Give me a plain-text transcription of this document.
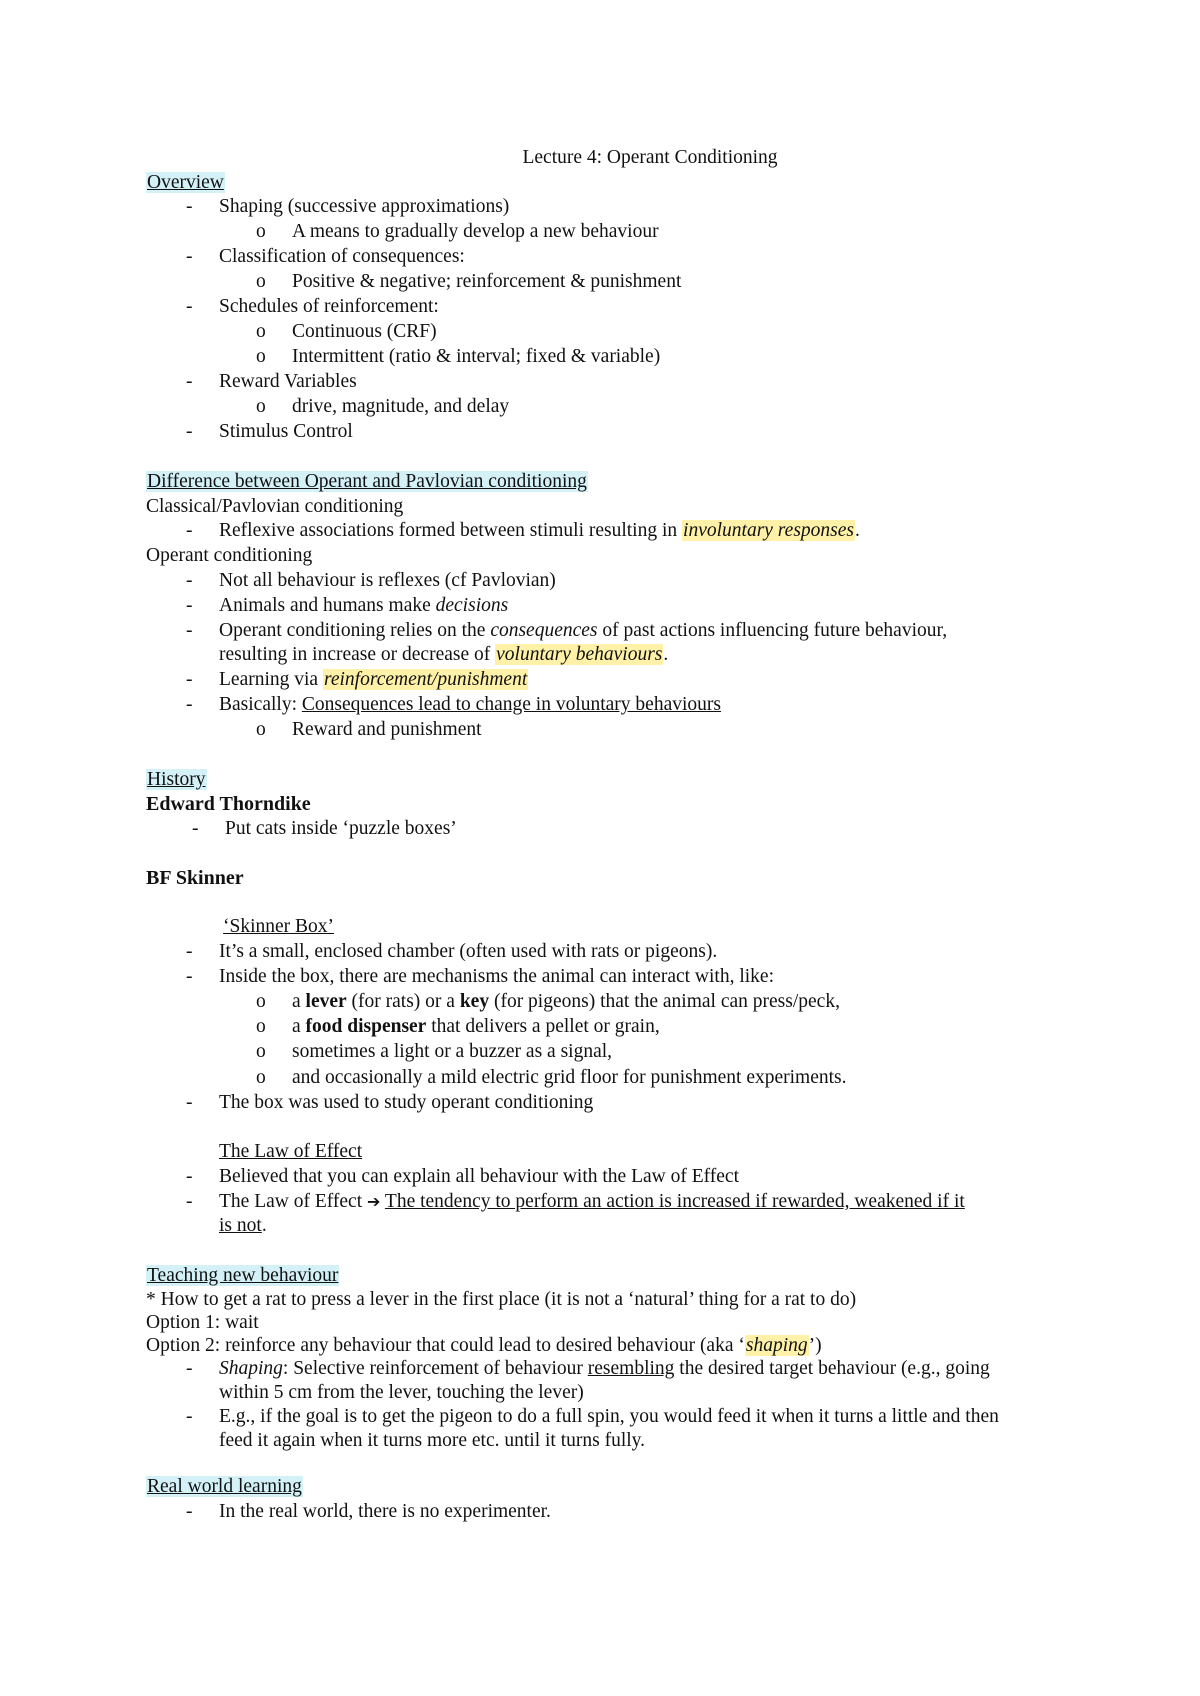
Lecture 4: Operant Conditioning
Overview
-	Shaping (successive approximations)
o A means to gradually develop a new behaviour
-	Classification of consequences:
o Positive & negative; reinforcement & punishment
-	Schedules of reinforcement:
o Continuous (CRF)
o Intermittent (ratio & interval; fixed & variable)
-	Reward Variables
o drive, magnitude, and delay
-	Stimulus Control
Difference between Operant and Pavlovian conditioning
Classical/Pavlovian conditioning
-	Reflexive associations formed between stimuli resulting in involuntary responses.
Operant conditioning
-	Not all behaviour is reflexes (cf Pavlovian)
-	Animals and humans make decisions
-	Operant conditioning relies on the consequences of past actions influencing future behaviour,
resulting in increase or decrease of voluntary behaviours.
-	Learning via reinforcement/punishment
-	Basically: Consequences lead to change in voluntary behaviours
o Reward and punishment
History
Edward Thorndike
-	Put cats inside ‘puzzle boxes’
BF Skinner
‘Skinner Box’
-	It’s a small, enclosed chamber (often used with rats or pigeons).
-	Inside the box, there are mechanisms the animal can interact with, like:
o a lever (for rats) or a key (for pigeons) that the animal can press/peck,
o a food dispenser that delivers a pellet or grain,
o sometimes a light or a buzzer as a signal,
o and occasionally a mild electric grid floor for punishment experiments.
-	The box was used to study operant conditioning
The Law of Effect
-	Believed that you can explain all behaviour with the Law of Effect
-	The Law of Effect ➔ The tendency to perform an action is increased if rewarded, weakened if it
is not.
Teaching new behaviour
* How to get a rat to press a lever in the first place (it is not a ‘natural’ thing for a rat to do)
Option 1: wait
Option 2: reinforce any behaviour that could lead to desired behaviour (aka ‘shaping’)
-	Shaping: Selective reinforcement of behaviour resembling the desired target behaviour (e.g., going
within 5 cm from the lever, touching the lever)
-	E.g., if the goal is to get the pigeon to do a full spin, you would feed it when it turns a little and then
feed it again when it turns more etc. until it turns fully.
Real world learning
-	In the real world, there is no experimenter.
